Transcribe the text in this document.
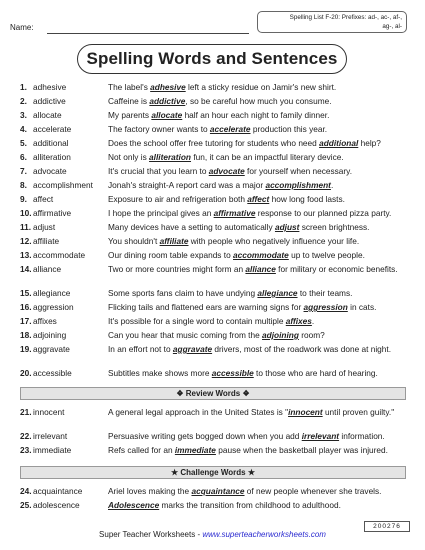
Name:
Spelling List F-20: Prefixes: ad-, ac-, af-,
ag-, al-
Spelling Words and Sentences
1. adhesive	The label's adhesive left a sticky residue on Jamir's new shirt.
2. addictive	Caffeine is addictive, so be careful how much you consume.
3. allocate	My parents allocate half an hour each night to family dinner.
4. accelerate	The factory owner wants to accelerate production this year.
5. additional	Does the school offer free tutoring for students who need additional help?
6. alliteration	Not only is alliteration fun, it can be an impactful literary device.
7. advocate	It's crucial that you learn to advocate for yourself when necessary.
8. accomplishment	Jonah's straight-A report card was a major accomplishment.
9. affect	Exposure to air and refrigeration both affect how long food lasts.
10. affirmative	I hope the principal gives an affirmative response to our planned pizza party.
11. adjust	Many devices have a setting to automatically adjust screen brightness.
12. affiliate	You shouldn't affiliate with people who negatively influence your life.
13. accommodate	Our dining room table expands to accommodate up to twelve people.
14. alliance	Two or more countries might form an alliance for military or economic benefits.
15. allegiance	Some sports fans claim to have undying allegiance to their teams.
16. aggression	Flicking tails and flattened ears are warning signs for aggression in cats.
17. affixes	It's possible for a single word to contain multiple affixes.
18. adjoining	Can you hear that music coming from the adjoining room?
19. aggravate	In an effort not to aggravate drivers, most of the roadwork was done at night.
20. accessible	Subtitles make shows more accessible to those who are hard of hearing.
❖ Review Words ❖
21. innocent	A general legal approach in the United States is "innocent until proven guilty."
22. irrelevant	Persuasive writing gets bogged down when you add irrelevant information.
23. immediate	Refs called for an immediate pause when the basketball player was injured.
★ Challenge Words ★
24. acquaintance	Ariel loves making the acquaintance of new people whenever she travels.
25. adolescence	Adolescence marks the transition from childhood to adulthood.
Super Teacher Worksheets - www.superteacherworksheets.com
200276
